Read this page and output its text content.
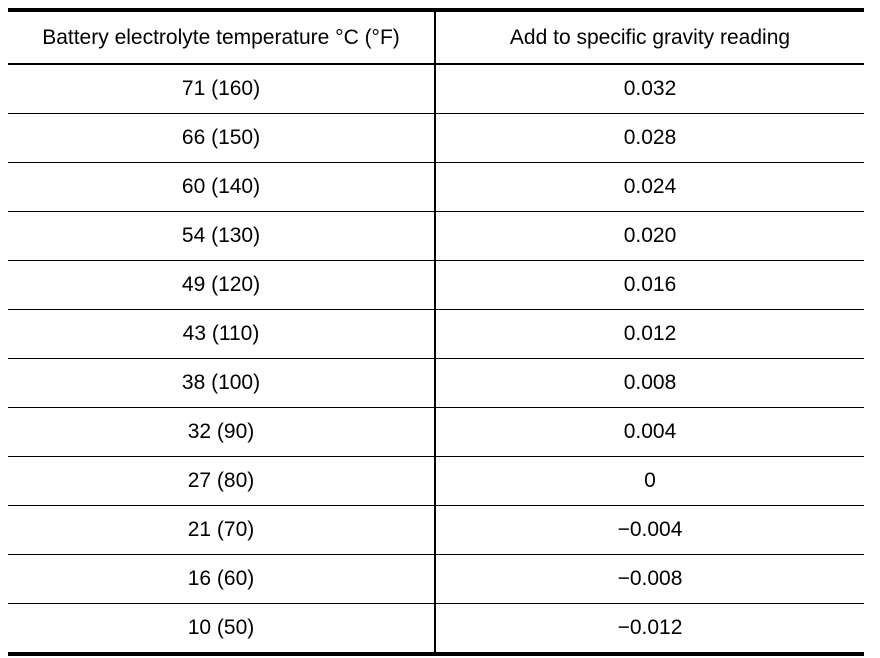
Battery electrolyte temperature °C (°F)	Add to specific gravity reading
71 (160)	0.032
66 (150)	0.028
60 (140)	0.024
54 (130)	0.020
49 (120)	0.016
43 (110)	0.012
38 (100)	0.008
32 (90)	0.004
27 (80)	0
21 (70)	−0.004
16 (60)	−0.008
10 (50)	−0.012
